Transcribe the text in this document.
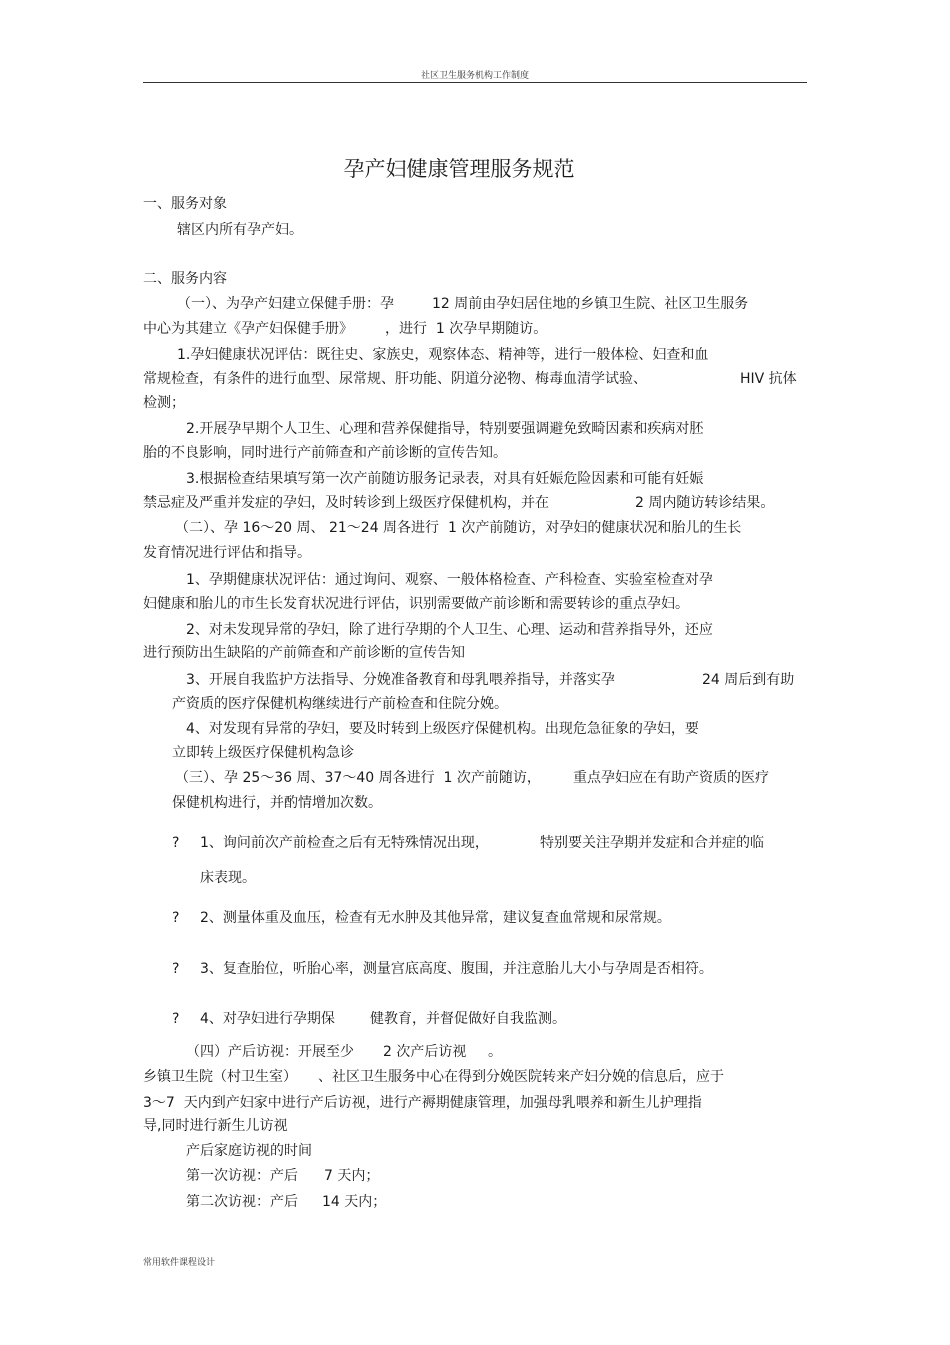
社区卫生服务机构工作制度
孕产妇健康管理服务规范
一、服务对象
辖区内所有孕产妇。
二、服务内容
（一）、为孕产妇建立保健手册：孕	12 周前由孕妇居住地的乡镇卫生院、社区卫生服务
中心为其建立《孕产妇保健手册》 ，进行  1 次孕早期随访。
1.孕妇健康状况评估：既往史、家族史，观察体态、精神等，进行一般体检、妇查和血
常规检查，有条件的进行血型、尿常规、肝功能、阴道分泌物、梅毒血清学试验、	HIV 抗体
检测；
2.开展孕早期个人卫生、心理和营养保健指导，特别要强调避免致畸因素和疾病对胚
胎的不良影响，同时进行产前筛查和产前诊断的宣传告知。
3.根据检查结果填写第一次产前随访服务记录表，对具有妊娠危险因素和可能有妊娠
禁忌症及严重并发症的孕妇，及时转诊到上级医疗保健机构，并在	2 周内随访转诊结果。
（二）、孕 16～20 周、 21～24 周各进行  1 次产前随访，对孕妇的健康状况和胎儿的生长
发育情况进行评估和指导。
1、孕期健康状况评估：通过询问、观察、一般体格检查、产科检查、实验室检查对孕
妇健康和胎儿的市生长发育状况进行评估，识别需要做产前诊断和需要转诊的重点孕妇。
2、对未发现异常的孕妇，除了进行孕期的个人卫生、心理、运动和营养指导外，还应
进行预防出生缺陷的产前筛查和产前诊断的宣传告知
3、开展自我监护方法指导、分娩准备教育和母乳喂养指导，并落实孕	24 周后到有助
产资质的医疗保健机构继续进行产前检查和住院分娩。
4、对发现有异常的孕妇，要及时转到上级医疗保健机构。出现危急征象的孕妇，要
立即转上级医疗保健机构急诊
（三）、孕 25～36 周、37～40 周各进行  1 次产前随访， 重点孕妇应在有助产资质的医疗
保健机构进行，并酌情增加次数。
? 1、询问前次产前检查之后有无特殊情况出现，	特别要关注孕期并发症和合并症的临
床表现。
? 2、测量体重及血压，检查有无水肿及其他异常，建议复查血常规和尿常规。
? 3、复查胎位，听胎心率，测量宫底高度、腹围，并注意胎儿大小与孕周是否相符。
? 4、对孕妇进行孕期保	健教育，并督促做好自我监测。
（四）产后访视：开展至少 2 次产后访视 。
乡镇卫生院（村卫生室） 、社区卫生服务中心在得到分娩医院转来产妇分娩的信息后，应于
3～7  天内到产妇家中进行产后访视，进行产褥期健康管理，加强母乳喂养和新生儿护理指
导,同时进行新生儿访视
产后家庭访视的时间
第一次访视：产后 7 天内；
第二次访视：产后 14 天内；
常用软件课程设计
